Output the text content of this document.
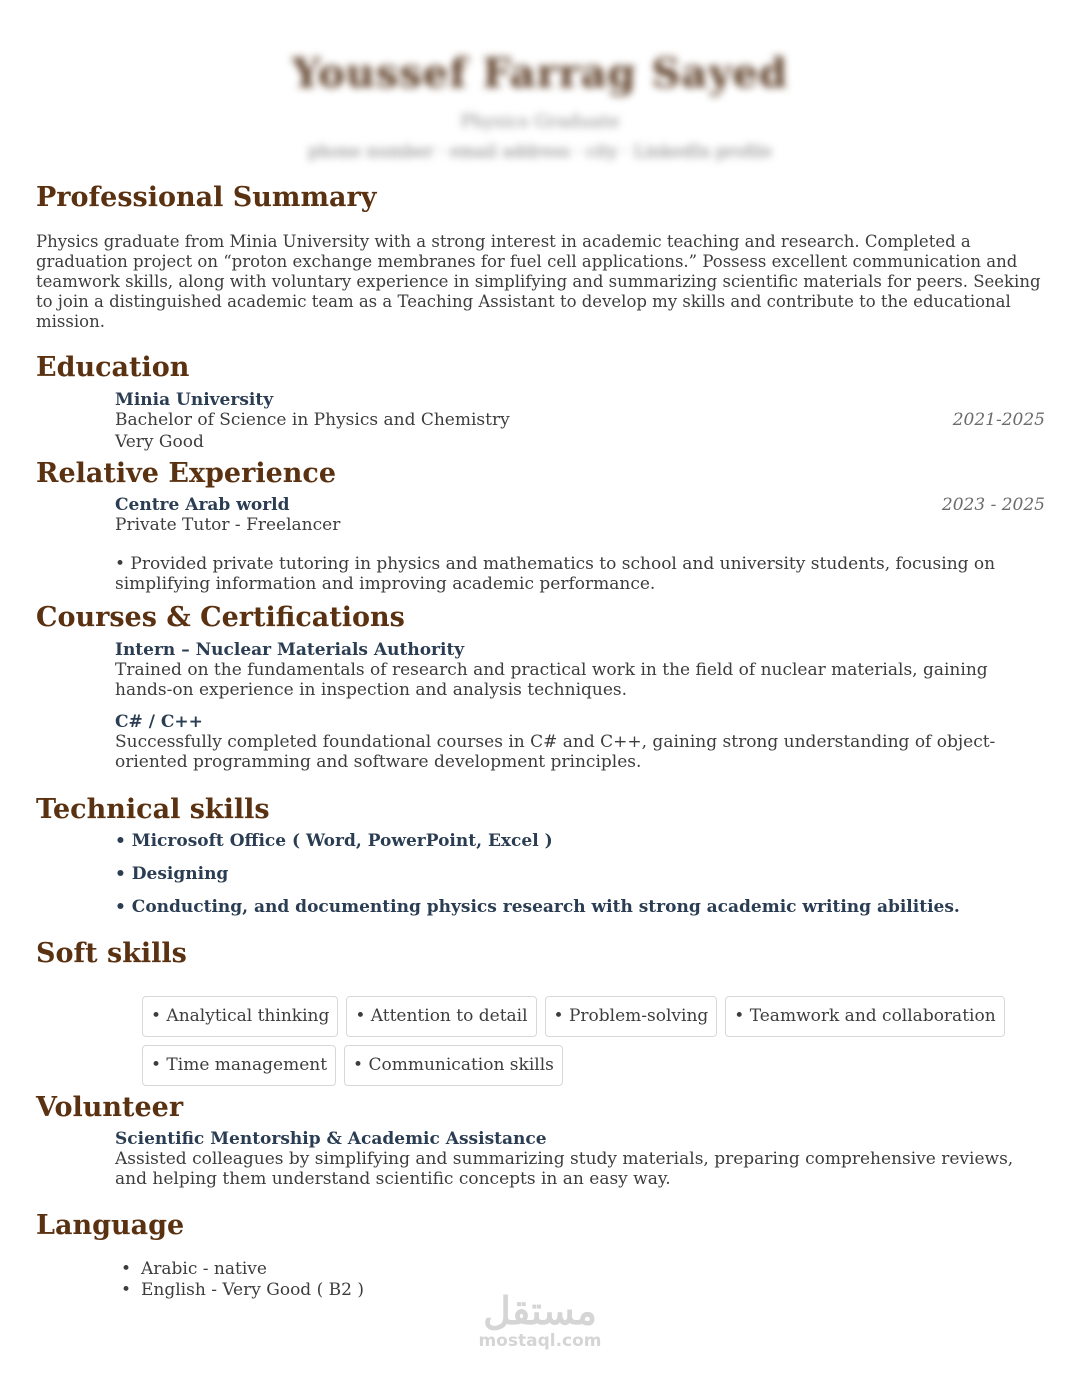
Youssef Farrag Sayed
Physics Graduate
phone number · email address · city · LinkedIn profile
Professional Summary
Physics graduate from Minia University with a strong interest in academic teaching and research. Completed a graduation project on “proton exchange membranes for fuel cell applications.” Possess excellent communication and teamwork skills, along with voluntary experience in simplifying and summarizing scientific materials for peers. Seeking to join a distinguished academic team as a Teaching Assistant to develop my skills and contribute to the educational mission.
Education
Minia University
Bachelor of Science in Physics and Chemistry	2021-2025
Very Good
Relative Experience
Centre Arab world	2023 - 2025
Private Tutor - Freelancer
• Provided private tutoring in physics and mathematics to school and university students, focusing on simplifying information and improving academic performance.
Courses & Certifications
Intern – Nuclear Materials Authority
Trained on the fundamentals of research and practical work in the field of nuclear materials, gaining hands-on experience in inspection and analysis techniques.
C# / C++
Successfully completed foundational courses in C# and C++, gaining strong understanding of object-oriented programming and software development principles.
Technical skills
• Microsoft Office ( Word, PowerPoint, Excel )
• Designing
• Conducting, and documenting physics research with strong academic writing abilities.
Soft skills
• Analytical thinking	• Attention to detail	• Problem-solving	• Teamwork and collaboration
• Time management	• Communication skills
Volunteer
Scientific Mentorship & Academic Assistance
Assisted colleagues by simplifying and summarizing study materials, preparing comprehensive reviews, and helping them understand scientific concepts in an easy way.
Language
• Arabic - native
• English - Very Good ( B2 )	مستقل
mostaql.com
